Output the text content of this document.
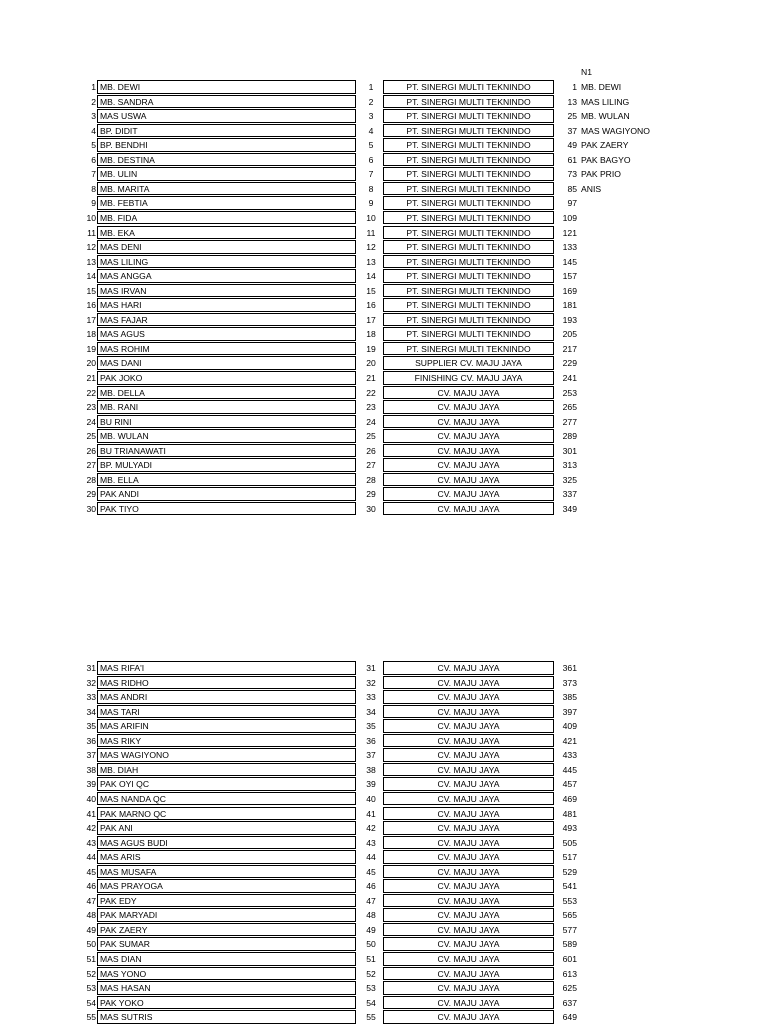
N1
1 MB. DEWI	1	PT. SINERGI MULTI TEKNINDO	1 MB. DEWI
2 MB. SANDRA	2	PT. SINERGI MULTI TEKNINDO	13 MAS LILING
3 MAS USWA	3	PT. SINERGI MULTI TEKNINDO	25 MB. WULAN
4 BP. DIDIT	4	PT. SINERGI MULTI TEKNINDO	37 MAS WAGIYONO
5 BP. BENDHI	5	PT. SINERGI MULTI TEKNINDO	49 PAK ZAERY
6 MB. DESTINA	6	PT. SINERGI MULTI TEKNINDO	61 PAK BAGYO
7 MB. ULIN	7	PT. SINERGI MULTI TEKNINDO	73 PAK PRIO
8 MB. MARITA	8	PT. SINERGI MULTI TEKNINDO	85 ANIS
9 MB. FEBTIA	9	PT. SINERGI MULTI TEKNINDO	97
10 MB. FIDA	10	PT. SINERGI MULTI TEKNINDO	109
11 MB. EKA	11	PT. SINERGI MULTI TEKNINDO	121
12 MAS DENI	12	PT. SINERGI MULTI TEKNINDO	133
13 MAS LILING	13	PT. SINERGI MULTI TEKNINDO	145
14 MAS ANGGA	14	PT. SINERGI MULTI TEKNINDO	157
15 MAS IRVAN	15	PT. SINERGI MULTI TEKNINDO	169
16 MAS HARI	16	PT. SINERGI MULTI TEKNINDO	181
17 MAS FAJAR	17	PT. SINERGI MULTI TEKNINDO	193
18 MAS AGUS	18	PT. SINERGI MULTI TEKNINDO	205
19 MAS ROHIM	19	PT. SINERGI MULTI TEKNINDO	217
20 MAS DANI	20	SUPPLIER CV. MAJU JAYA	229
21 PAK JOKO	21	FINISHING CV. MAJU JAYA	241
22 MB. DELLA	22	CV. MAJU JAYA	253
23 MB. RANI	23	CV. MAJU JAYA	265
24 BU RINI	24	CV. MAJU JAYA	277
25 MB. WULAN	25	CV. MAJU JAYA	289
26 BU TRIANAWATI	26	CV. MAJU JAYA	301
27 BP. MULYADI	27	CV. MAJU JAYA	313
28 MB. ELLA	28	CV. MAJU JAYA	325
29 PAK ANDI	29	CV. MAJU JAYA	337
30 PAK TIYO	30	CV. MAJU JAYA	349
31 MAS RIFA'I	31	CV. MAJU JAYA	361
32 MAS RIDHO	32	CV. MAJU JAYA	373
33 MAS ANDRI	33	CV. MAJU JAYA	385
34 MAS TARI	34	CV. MAJU JAYA	397
35 MAS ARIFIN	35	CV. MAJU JAYA	409
36 MAS RIKY	36	CV. MAJU JAYA	421
37 MAS WAGIYONO	37	CV. MAJU JAYA	433
38 MB. DIAH	38	CV. MAJU JAYA	445
39 PAK OYI QC	39	CV. MAJU JAYA	457
40 MAS NANDA QC	40	CV. MAJU JAYA	469
41 PAK MARNO QC	41	CV. MAJU JAYA	481
42 PAK ANI	42	CV. MAJU JAYA	493
43 MAS AGUS BUDI	43	CV. MAJU JAYA	505
44 MAS ARIS	44	CV. MAJU JAYA	517
45 MAS MUSAFA	45	CV. MAJU JAYA	529
46 MAS PRAYOGA	46	CV. MAJU JAYA	541
47 PAK EDY	47	CV. MAJU JAYA	553
48 PAK MARYADI	48	CV. MAJU JAYA	565
49 PAK ZAERY	49	CV. MAJU JAYA	577
50 PAK SUMAR	50	CV. MAJU JAYA	589
51 MAS DIAN	51	CV. MAJU JAYA	601
52 MAS YONO	52	CV. MAJU JAYA	613
53 MAS HASAN	53	CV. MAJU JAYA	625
54 PAK YOKO	54	CV. MAJU JAYA	637
55 MAS SUTRIS	55	CV. MAJU JAYA	649
